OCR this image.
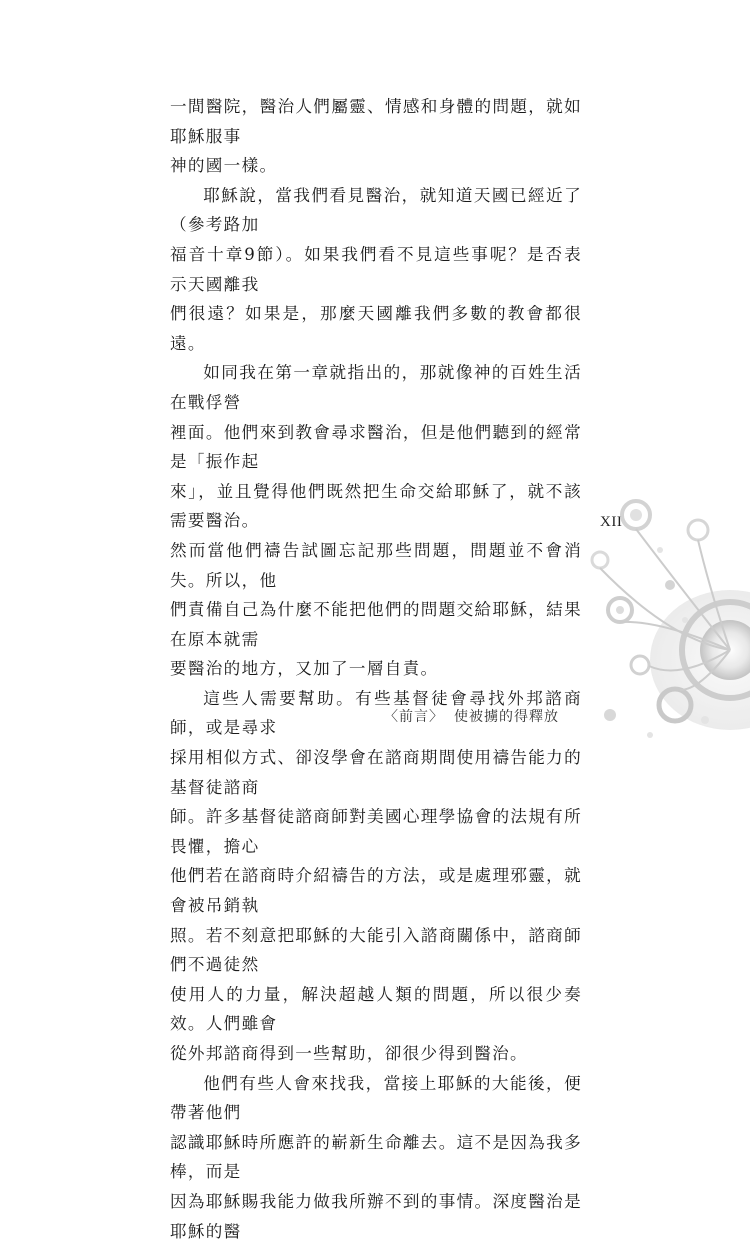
一間醫院，醫治人們屬靈、情感和身體的問題，就如耶穌服事
神的國一樣。

耶穌說，當我們看見醫治，就知道天國已經近了（參考路加
福音十章9節）。如果我們看不見這些事呢？是否表示天國離我
們很遠？如果是，那麼天國離我們多數的教會都很遠。

如同我在第一章就指出的，那就像神的百姓生活在戰俘營
裡面。他們來到教會尋求醫治，但是他們聽到的經常是「振作起
來」，並且覺得他們既然把生命交給耶穌了，就不該需要醫治。
然而當他們禱告試圖忘記那些問題，問題並不會消失。所以，他
們責備自己為什麼不能把他們的問題交給耶穌，結果在原本就需
要醫治的地方，又加了一層自責。

這些人需要幫助。有些基督徒會尋找外邦諮商師，或是尋求
採用相似方式、卻沒學會在諮商期間使用禱告能力的基督徒諮商
師。許多基督徒諮商師對美國心理學協會的法規有所畏懼，擔心
他們若在諮商時介紹禱告的方法，或是處理邪靈，就會被吊銷執
照。若不刻意把耶穌的大能引入諮商關係中，諮商師們不過徒然
使用人的力量，解決超越人類的問題，所以很少奏效。人們雖會
從外邦諮商得到一些幫助，卻很少得到醫治。

他們有些人會來找我，當接上耶穌的大能後，便帶著他們
認識耶穌時所應許的嶄新生命離去。這不是因為我多棒，而是
因為耶穌賜我能力做我所辦不到的事情。深度醫治是耶穌的醫

XII
〈前言〉 使被擄的得釋放
